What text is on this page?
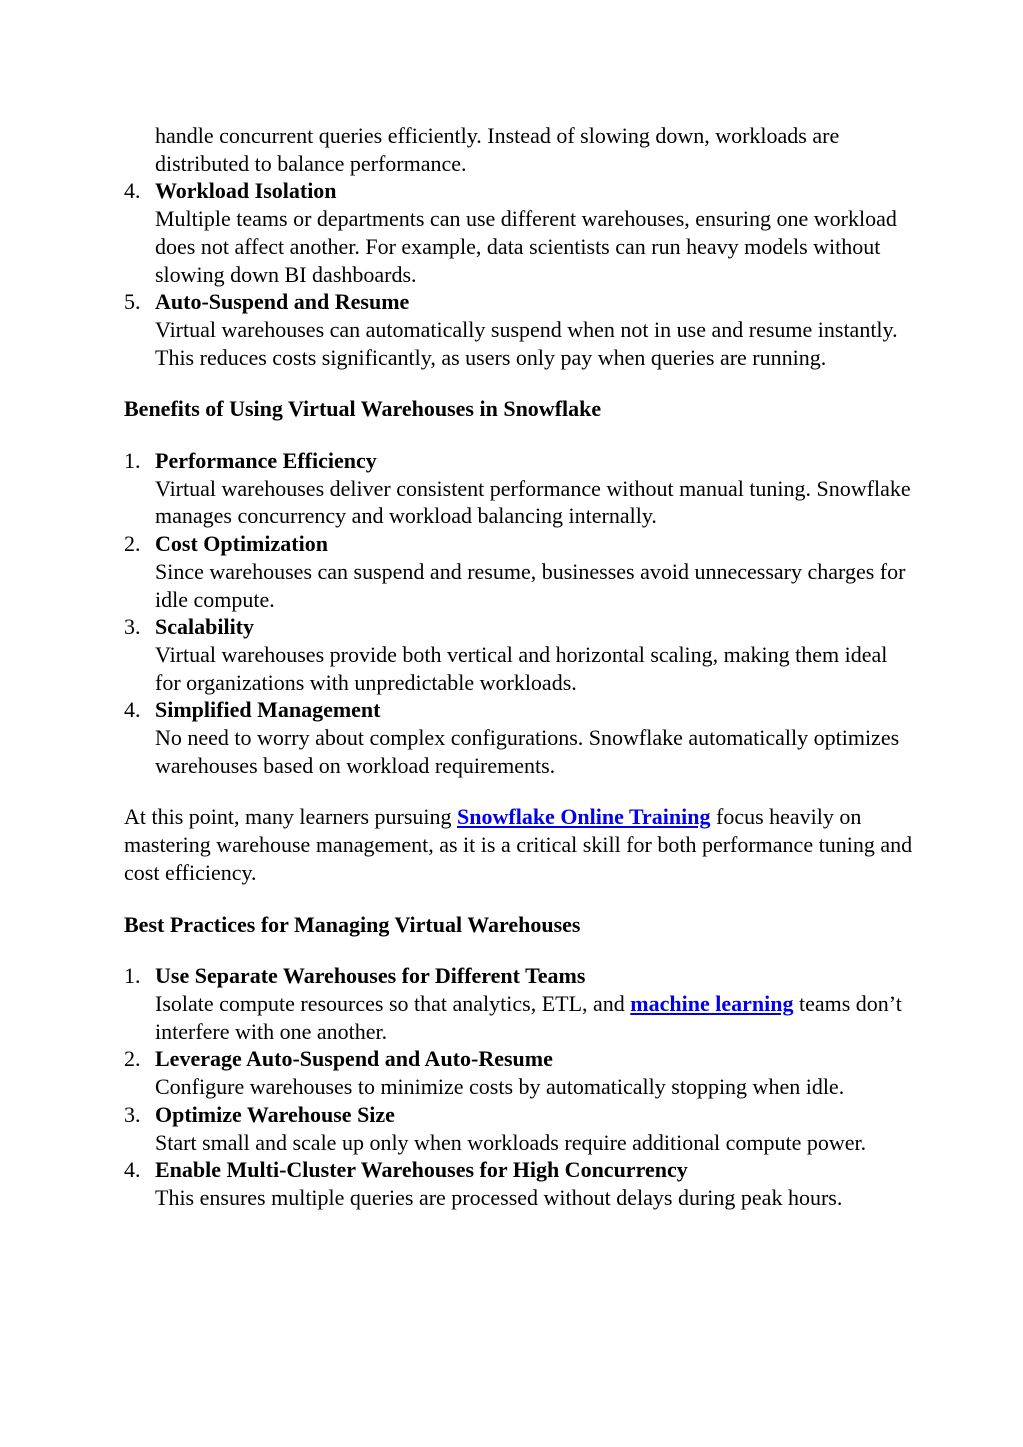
handle concurrent queries efficiently. Instead of slowing down, workloads are distributed to balance performance.
4. Workload Isolation
Multiple teams or departments can use different warehouses, ensuring one workload does not affect another. For example, data scientists can run heavy models without slowing down BI dashboards.
5. Auto-Suspend and Resume
Virtual warehouses can automatically suspend when not in use and resume instantly. This reduces costs significantly, as users only pay when queries are running.

Benefits of Using Virtual Warehouses in Snowflake

1. Performance Efficiency
Virtual warehouses deliver consistent performance without manual tuning. Snowflake manages concurrency and workload balancing internally.
2. Cost Optimization
Since warehouses can suspend and resume, businesses avoid unnecessary charges for idle compute.
3. Scalability
Virtual warehouses provide both vertical and horizontal scaling, making them ideal for organizations with unpredictable workloads.
4. Simplified Management
No need to worry about complex configurations. Snowflake automatically optimizes warehouses based on workload requirements.

At this point, many learners pursuing Snowflake Online Training focus heavily on mastering warehouse management, as it is a critical skill for both performance tuning and cost efficiency.

Best Practices for Managing Virtual Warehouses

1. Use Separate Warehouses for Different Teams
Isolate compute resources so that analytics, ETL, and machine learning teams don’t interfere with one another.
2. Leverage Auto-Suspend and Auto-Resume
Configure warehouses to minimize costs by automatically stopping when idle.
3. Optimize Warehouse Size
Start small and scale up only when workloads require additional compute power.
4. Enable Multi-Cluster Warehouses for High Concurrency
This ensures multiple queries are processed without delays during peak hours.
